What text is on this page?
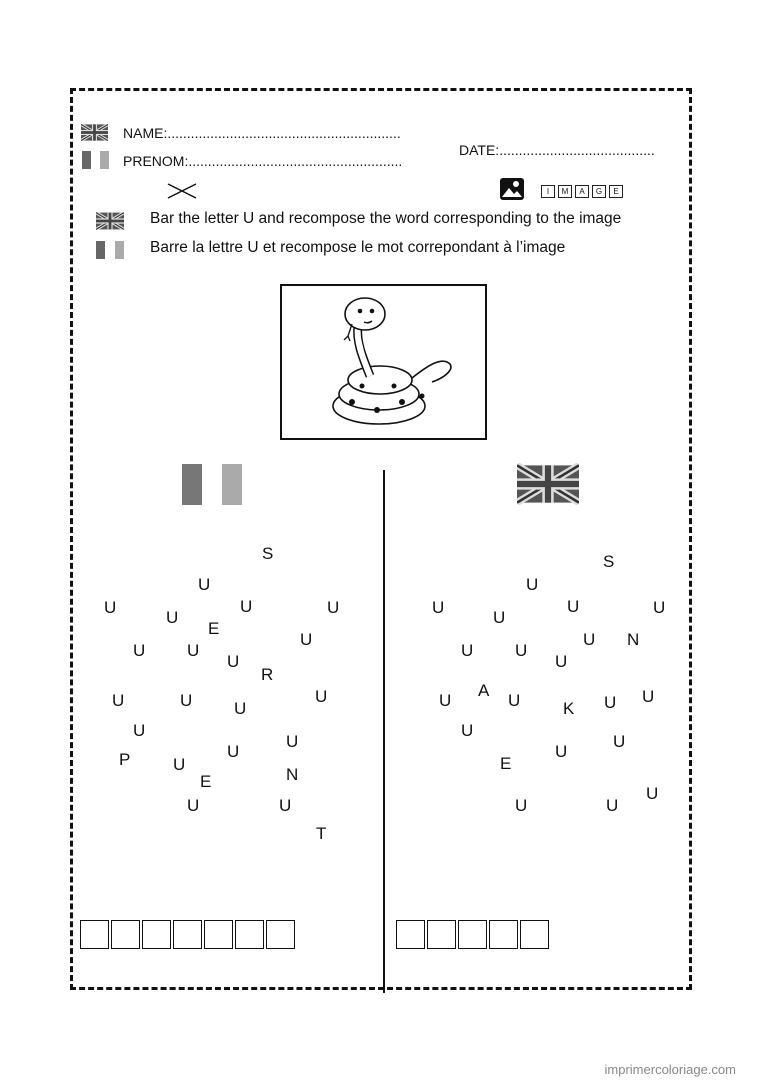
NAME:............................................................
PRENOM:.......................................................
DATE:........................................
I	M	A	G	E
Bar the letter U and recompose the word corresponding to the image
Barre la lettre U et recompose le mot correpondant à l’image
S
U
U
U
E
U	U
U
U U
R
U
U	U U
U
U
P	U
E	N
U
U
U
T
U
S
U
U
U
U	U
U N
U U
U
A
U	U	K U U
U
U
U
E
U
U	U
imprimercoloriage.com
